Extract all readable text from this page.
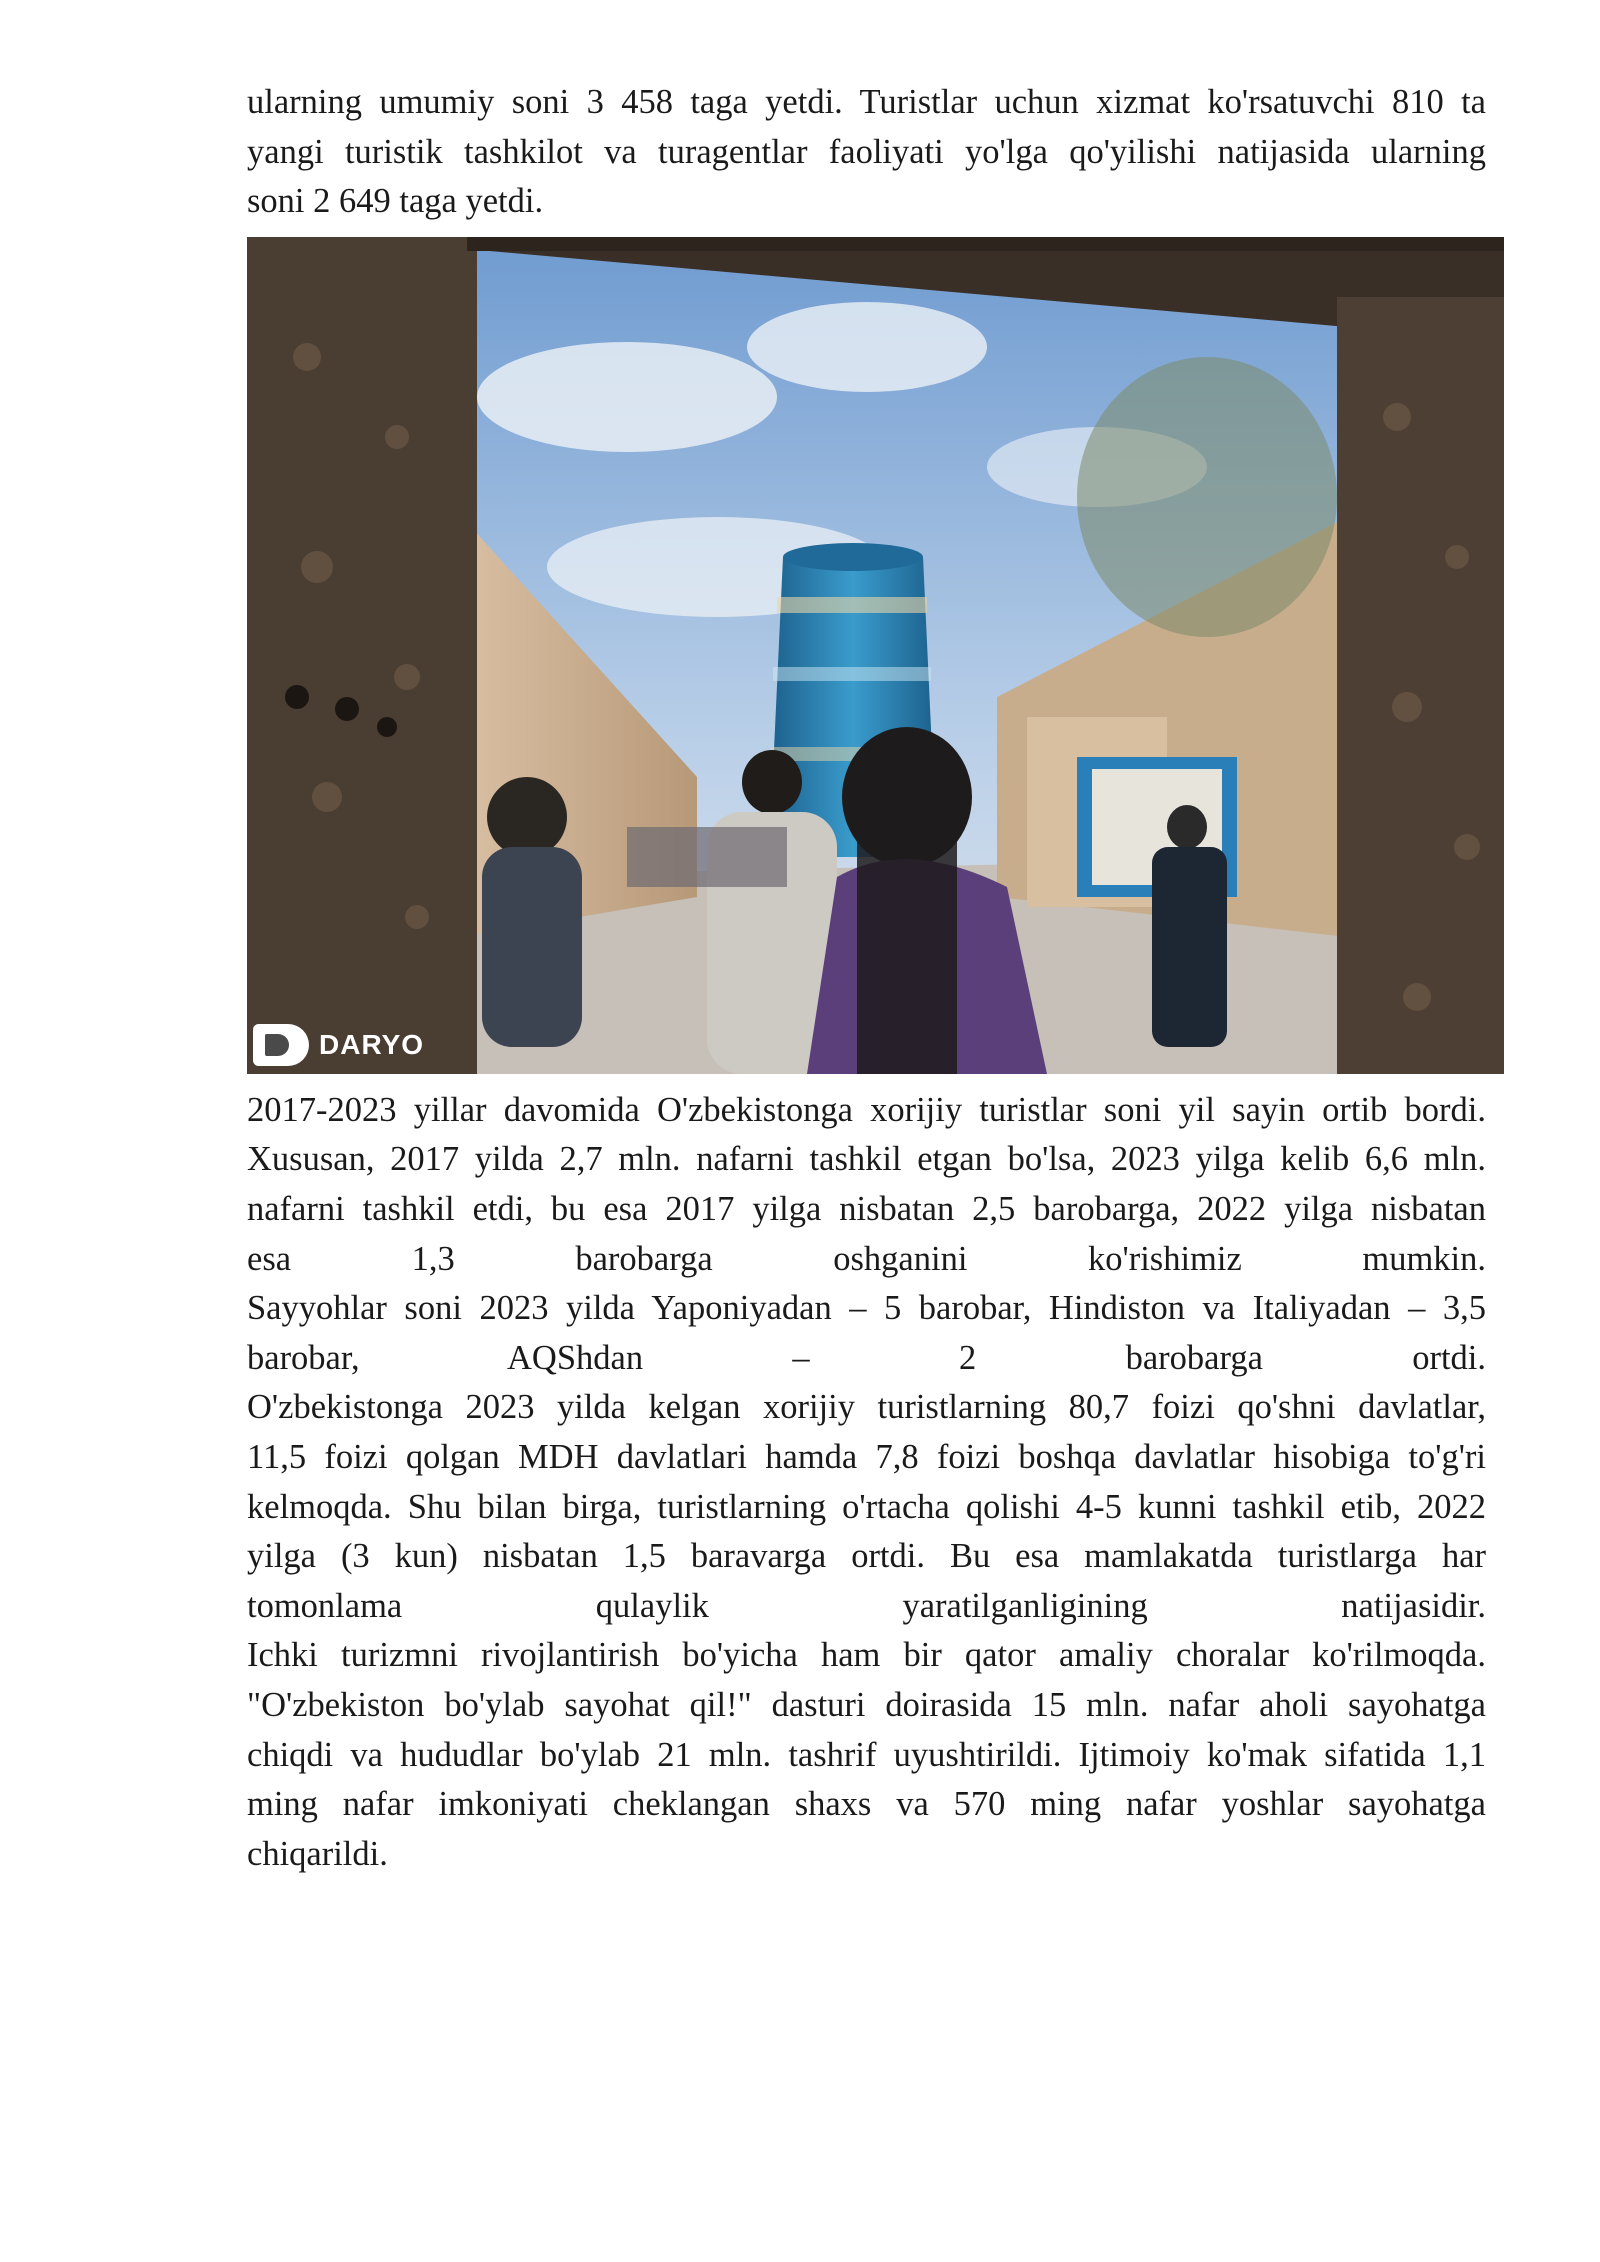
ularning umumiy soni 3 458 taga yetdi. Turistlar uchun xizmat ko'rsatuvchi 810 ta
yangi turistik tashkilot va turagentlar faoliyati yo'lga qo'yilishi natijasida ularning
soni 2 649 taga yetdi.

DARYO

2017-2023 yillar davomida O'zbekistonga xorijiy turistlar soni yil sayin ortib bordi.
Xususan, 2017 yilda 2,7 mln. nafarni tashkil etgan bo'lsa, 2023 yilga kelib 6,6 mln.
nafarni tashkil etdi, bu esa 2017 yilga nisbatan 2,5 barobarga, 2022 yilga nisbatan
esa 1,3 barobarga oshganini ko'rishimiz mumkin.
Sayyohlar soni 2023 yilda Yaponiyadan – 5 barobar, Hindiston va Italiyadan – 3,5
barobar, AQShdan – 2 barobarga ortdi.
O'zbekistonga 2023 yilda kelgan xorijiy turistlarning 80,7 foizi qo'shni davlatlar,
11,5 foizi qolgan MDH davlatlari hamda 7,8 foizi boshqa davlatlar hisobiga to'g'ri
kelmoqda. Shu bilan birga, turistlarning o'rtacha qolishi 4-5 kunni tashkil etib, 2022
yilga (3 kun) nisbatan 1,5 baravarga ortdi. Bu esa mamlakatda turistlarga har
tomonlama qulaylik yaratilganligining natijasidir.
Ichki turizmni rivojlantirish bo'yicha ham bir qator amaliy choralar ko'rilmoqda.
"O'zbekiston bo'ylab sayohat qil!" dasturi doirasida 15 mln. nafar aholi sayohatga
chiqdi va hududlar bo'ylab 21 mln. tashrif uyushtirildi. Ijtimoiy ko'mak sifatida 1,1
ming nafar imkoniyati cheklangan shaxs va 570 ming nafar yoshlar sayohatga
chiqarildi.
